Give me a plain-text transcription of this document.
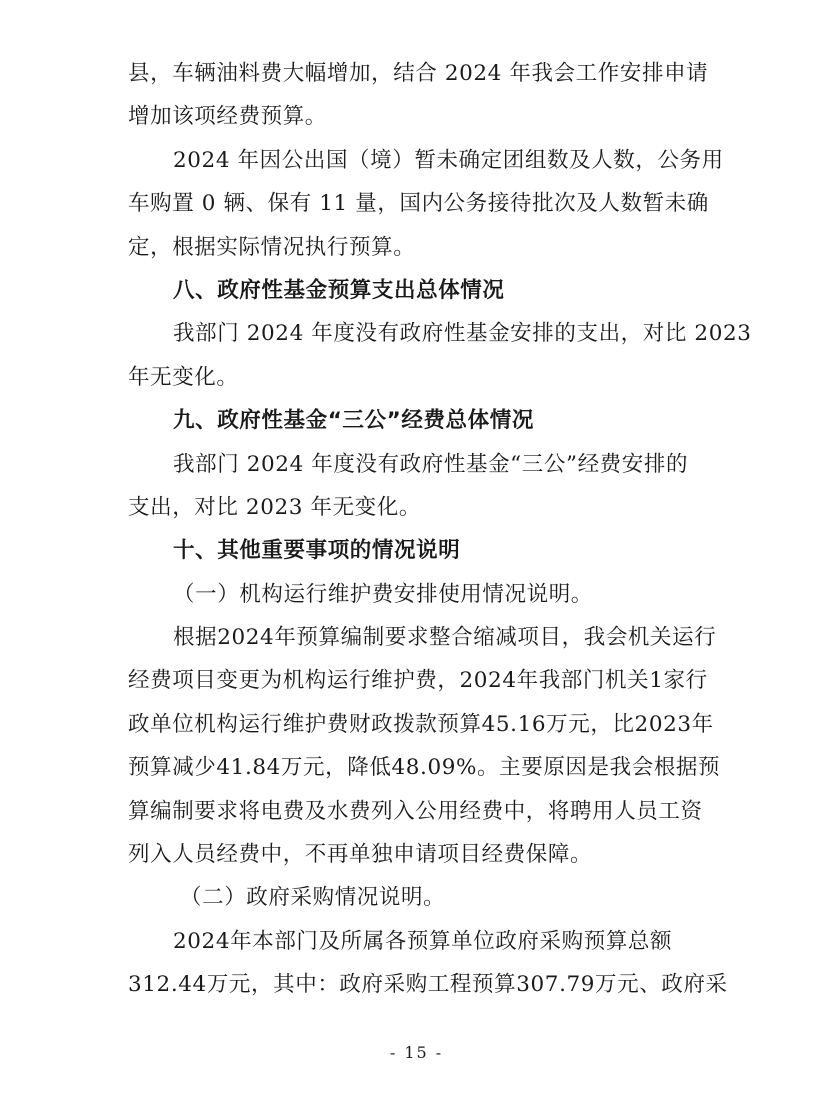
县，车辆油料费大幅增加，结合 2024 年我会工作安排申请
增加该项经费预算。
2024 年因公出国（境）暂未确定团组数及人数，公务用
车购置 0 辆、保有 11 量，国内公务接待批次及人数暂未确
定，根据实际情况执行预算。
八、政府性基金预算支出总体情况
我部门 2024 年度没有政府性基金安排的支出，对比 2023
年无变化。
九、政府性基金“三公”经费总体情况
我部门 2024 年度没有政府性基金“三公”经费安排的
支出，对比 2023 年无变化。
十、其他重要事项的情况说明
（一）机构运行维护费安排使用情况说明。
根据2024年预算编制要求整合缩减项目，我会机关运行
经费项目变更为机构运行维护费，2024年我部门机关1家行
政单位机构运行维护费财政拨款预算45.16万元，比2023年
预算减少41.84万元，降低48.09%。主要原因是我会根据预
算编制要求将电费及水费列入公用经费中，将聘用人员工资
列入人员经费中，不再单独申请项目经费保障。
（二）政府采购情况说明。
2024年本部门及所属各预算单位政府采购预算总额
312.44万元，其中：政府采购工程预算307.79万元、政府采
- 15 -
